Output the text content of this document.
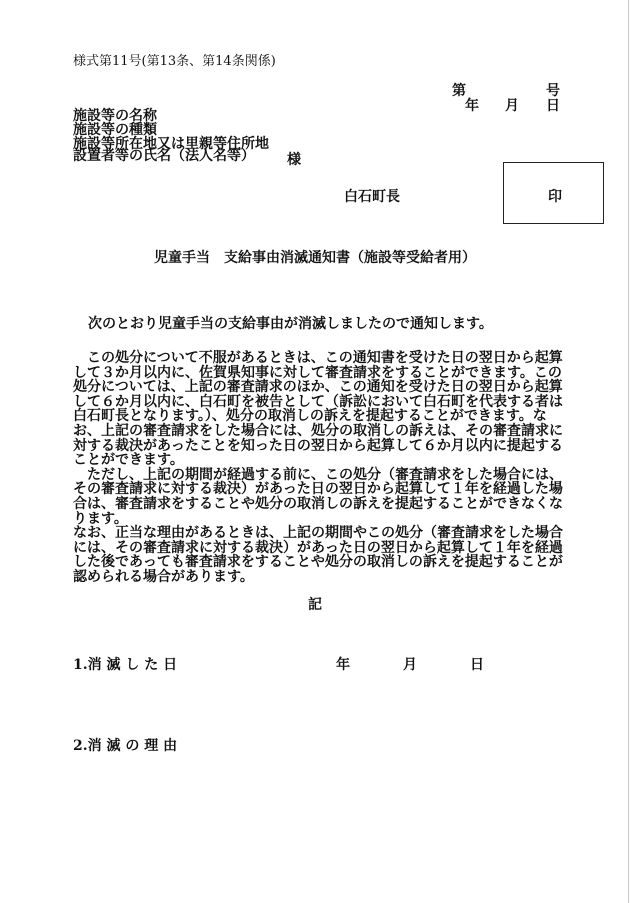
様式第11号(第13条、第14条関係)
第	号
年 月 日
施設等の名称
施設等の種類
施設等所在地又は里親等住所地
設置者等の氏名（法人名等） 様
白石町長	印
児童手当　支給事由消滅通知書（施設等受給者用）
次のとおり児童手当の支給事由が消滅しましたので通知します。

この処分について不服があるときは、この通知書を受けた日の翌日から起算して３か月以内に、佐賀県知事に対して審査請求をすることができます。この処分については、上記の審査請求のほか、この通知を受けた日の翌日から起算して６か月以内に、白石町を被告として（訴訟において白石町を代表する者は白石町長となります。）、処分の取消しの訴えを提起することができます。なお、上記の審査請求をした場合には、処分の取消しの訴えは、その審査請求に対する裁決があったことを知った日の翌日から起算して６か月以内に提起することができます。

ただし、上記の期間が経過する前に、この処分（審査請求をした場合には、その審査請求に対する裁決）があった日の翌日から起算して１年を経過した場合は、審査請求をすることや処分の取消しの訴えを提起することができなくなります。

なお、正当な理由があるときは、上記の期間やこの処分（審査請求をした場合には、その審査請求に対する裁決）があった日の翌日から起算して１年を経過した後であっても審査請求をすることや処分の取消しの訴えを提起することが認められる場合があります。

記
1.消 滅 し た 日	年	月	日
2.消 滅 の 理 由
